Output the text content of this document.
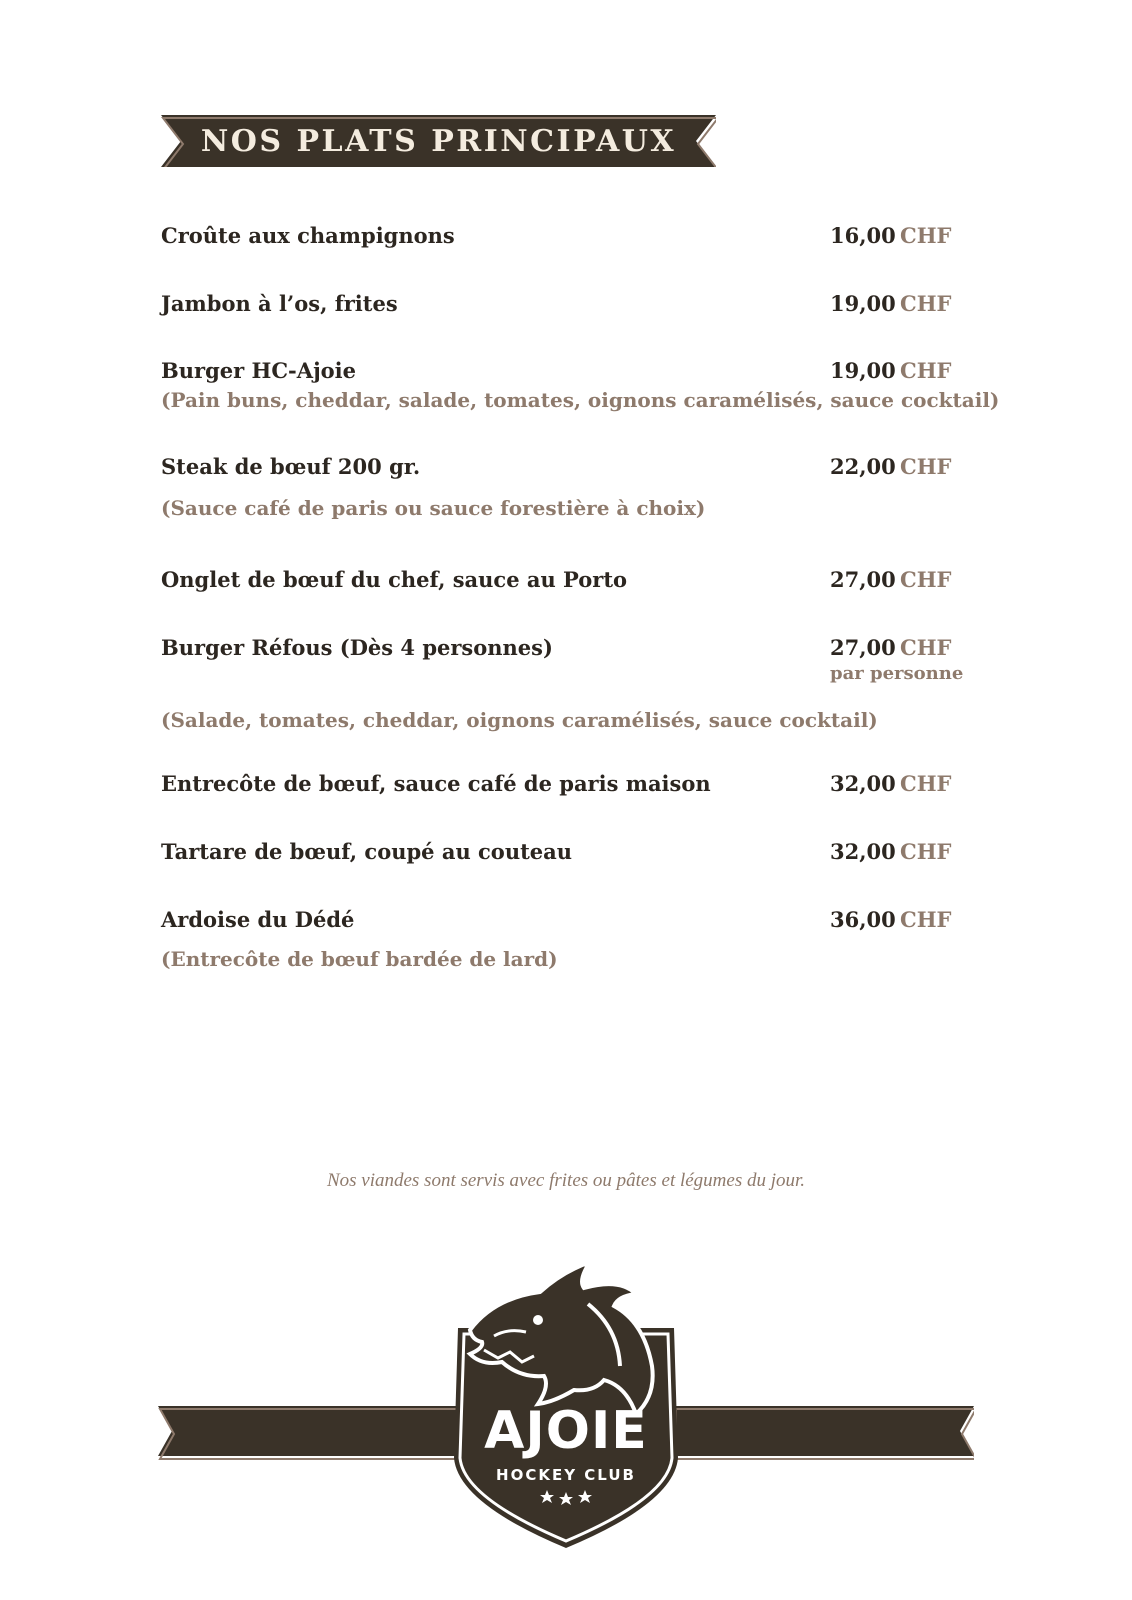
NOS PLATS PRINCIPAUX
Croûte aux champignons	16,00 CHF
Jambon à l’os, frites	19,00 CHF
Burger HC-Ajoie	19,00 CHF
(Pain buns, cheddar, salade, tomates, oignons caramélisés, sauce cocktail)
Steak de bœuf 200 gr.	22,00 CHF
(Sauce café de paris ou sauce forestière à choix)
Onglet de bœuf du chef, sauce au Porto	27,00 CHF
Burger Réfous (Dès 4 personnes)	27,00 CHF
par personne
(Salade, tomates, cheddar, oignons caramélisés, sauce cocktail)
Entrecôte de bœuf, sauce café de paris maison	32,00 CHF
Tartare de bœuf, coupé au couteau	32,00 CHF
Ardoise du Dédé	36,00 CHF
(Entrecôte de bœuf bardée de lard)
Nos viandes sont servis avec frites ou pâtes et légumes du jour.
AJOIE
HOCKEY CLUB
